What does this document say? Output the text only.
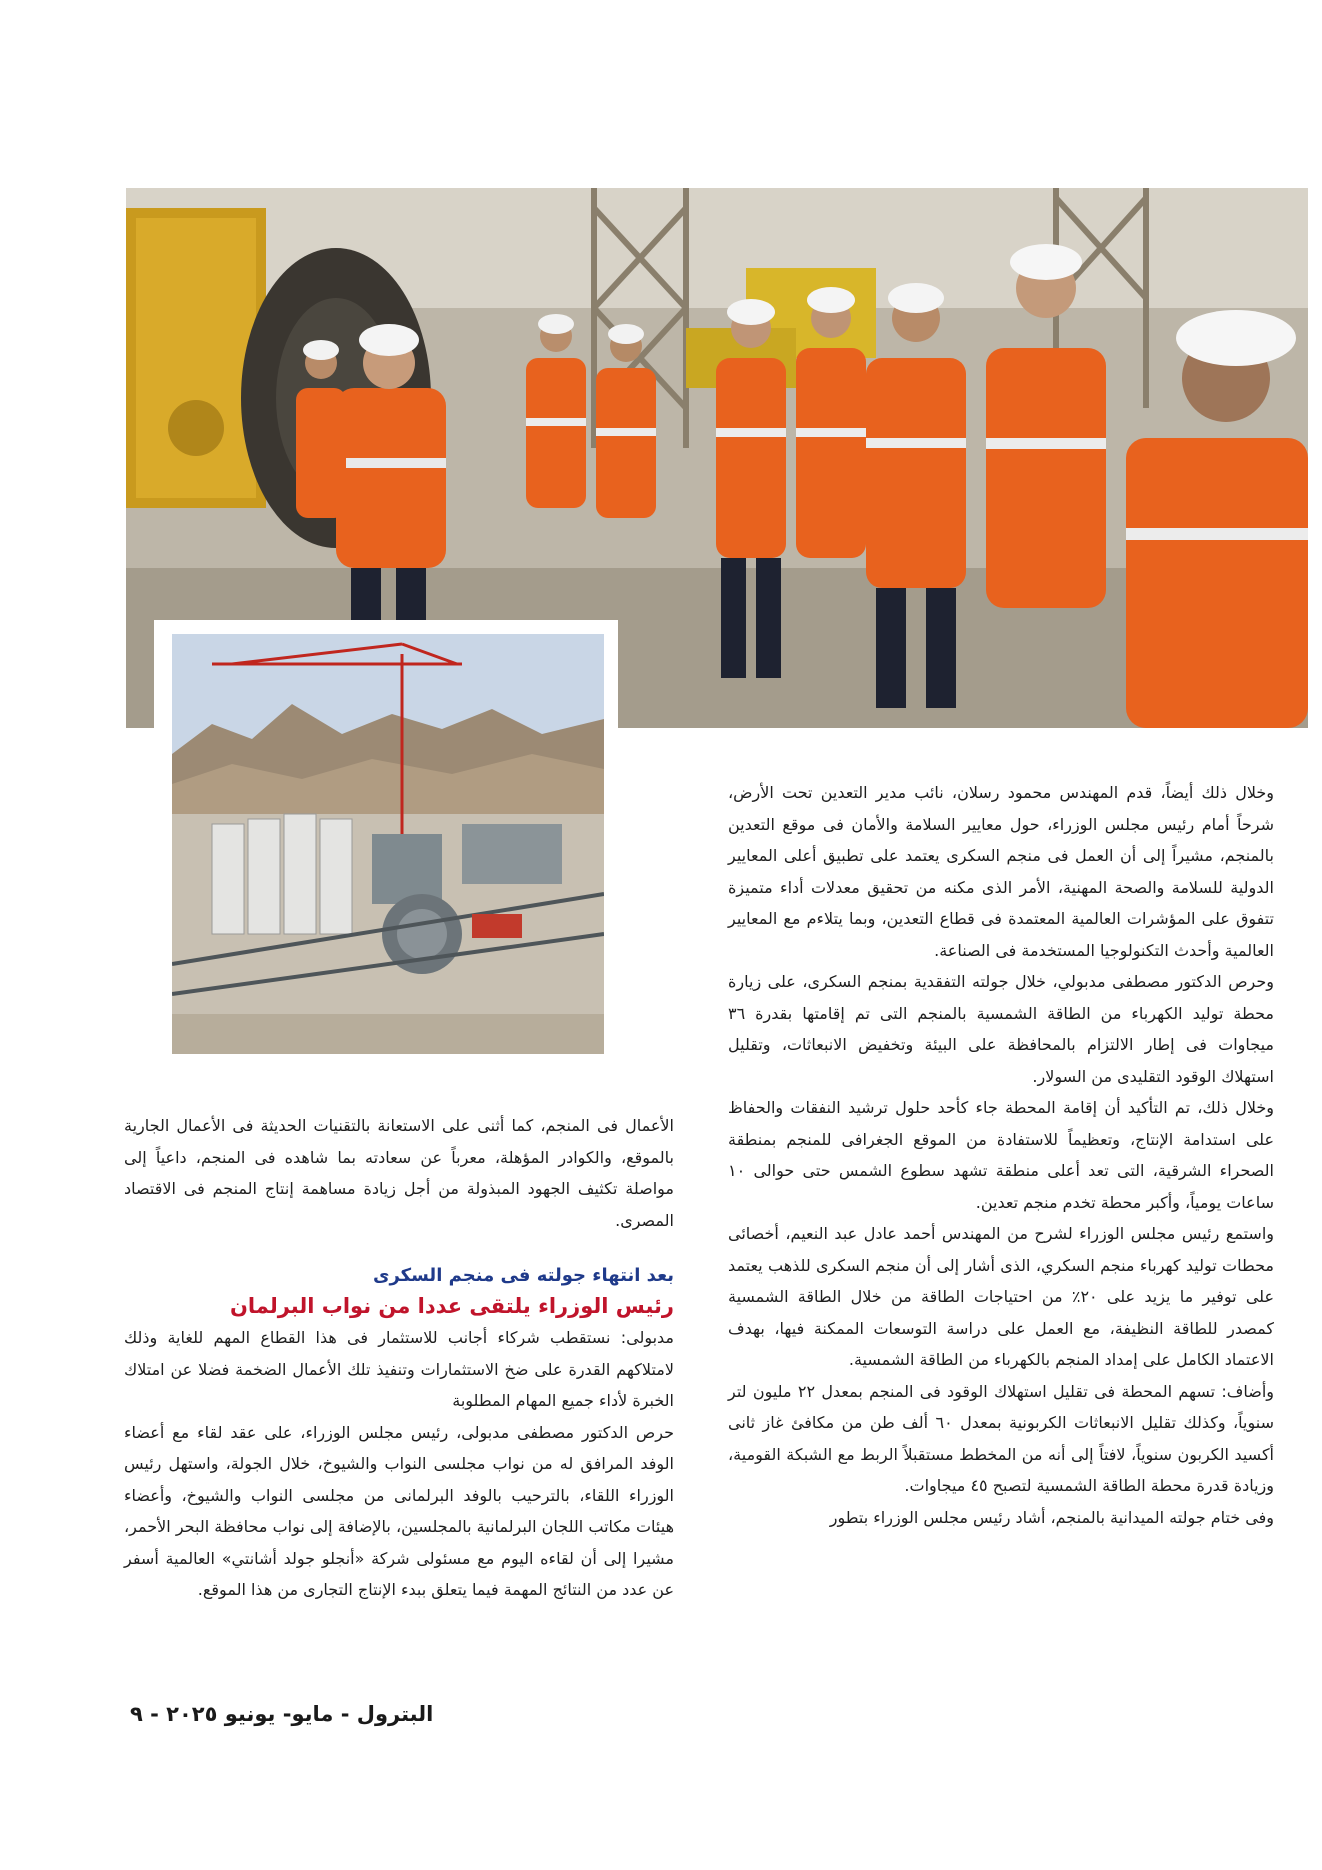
وخلال ذلك أيضاً، قدم المهندس محمود رسلان، نائب مدير التعدين تحت الأرض، شرحاً أمام رئيس مجلس الوزراء، حول معايير السلامة والأمان فى موقع التعدين بالمنجم، مشيراً إلى أن العمل فى منجم السكرى يعتمد على تطبيق أعلى المعايير الدولية للسلامة والصحة المهنية، الأمر الذى مكنه من تحقيق معدلات أداء متميزة تتفوق على المؤشرات العالمية المعتمدة فى قطاع التعدين، وبما يتلاءم مع المعايير العالمية وأحدث التكنولوجيا المستخدمة فى الصناعة.

وحرص الدكتور مصطفى مدبولي، خلال جولته التفقدية بمنجم السكرى، على زيارة محطة توليد الكهرباء من الطاقة الشمسية بالمنجم التى تم إقامتها بقدرة ٣٦ ميجاوات فى إطار الالتزام بالمحافظة على البيئة وتخفيض الانبعاثات، وتقليل استهلاك الوقود التقليدى من السولار.

وخلال ذلك، تم التأكيد أن إقامة المحطة جاء كأحد حلول ترشيد النفقات والحفاظ على استدامة الإنتاج، وتعظيماً للاستفادة من الموقع الجغرافى للمنجم بمنطقة الصحراء الشرقية، التى تعد أعلى منطقة تشهد سطوع الشمس حتى حوالى ١٠ ساعات يومياً، وأكبر محطة تخدم منجم تعدين.

واستمع رئيس مجلس الوزراء لشرح من المهندس أحمد عادل عبد النعيم، أخصائى محطات توليد كهرباء منجم السكري، الذى أشار إلى أن منجم السكرى للذهب يعتمد على توفير ما يزيد على ٢٠٪ من احتياجات الطاقة من خلال الطاقة الشمسية كمصدر للطاقة النظيفة، مع العمل على دراسة التوسعات الممكنة فيها، بهدف الاعتماد الكامل على إمداد المنجم بالكهرباء من الطاقة الشمسية.

وأضاف: تسهم المحطة فى تقليل استهلاك الوقود فى المنجم بمعدل ٢٢ مليون لتر سنوياً، وكذلك تقليل الانبعاثات الكربونية بمعدل ٦٠ ألف طن من مكافئ غاز ثانى أكسيد الكربون سنوياً، لافتاً إلى أنه من المخطط مستقبلاً الربط مع الشبكة القومية، وزيادة قدرة محطة الطاقة الشمسية لتصبح ٤٥ ميجاوات.

وفى ختام جولته الميدانية بالمنجم، أشاد رئيس مجلس الوزراء بتطور

الأعمال فى المنجم، كما أثنى على الاستعانة بالتقنيات الحديثة فى الأعمال الجارية بالموقع، والكوادر المؤهلة، معرباً عن سعادته بما شاهده فى المنجم، داعياً إلى مواصلة تكثيف الجهود المبذولة من أجل زيادة مساهمة إنتاج المنجم فى الاقتصاد المصرى.

بعد انتهاء جولته فى منجم السكرى

رئيس الوزراء يلتقى عددا من نواب البرلمان

مدبولى: نستقطب شركاء أجانب للاستثمار فى هذا القطاع المهم للغاية وذلك لامتلاكهم القدرة على ضخ الاستثمارات وتنفيذ تلك الأعمال الضخمة فضلا عن امتلاك الخبرة لأداء جميع المهام المطلوبة

حرص الدكتور مصطفى مدبولى، رئيس مجلس الوزراء، على عقد لقاء مع أعضاء الوفد المرافق له من نواب مجلسى النواب والشيوخ، خلال الجولة، واستهل رئيس الوزراء اللقاء، بالترحيب بالوفد البرلمانى من مجلسى النواب والشيوخ، وأعضاء هيئات مكاتب اللجان البرلمانية بالمجلسين، بالإضافة إلى نواب محافظة البحر الأحمر، مشيرا إلى أن لقاءه اليوم مع مسئولى شركة «أنجلو جولد أشانتي» العالمية أسفر عن عدد من النتائج المهمة فيما يتعلق ببدء الإنتاج التجارى من هذا الموقع.

البترول - مايو- يونيو ٢٠٢٥ - ٩
